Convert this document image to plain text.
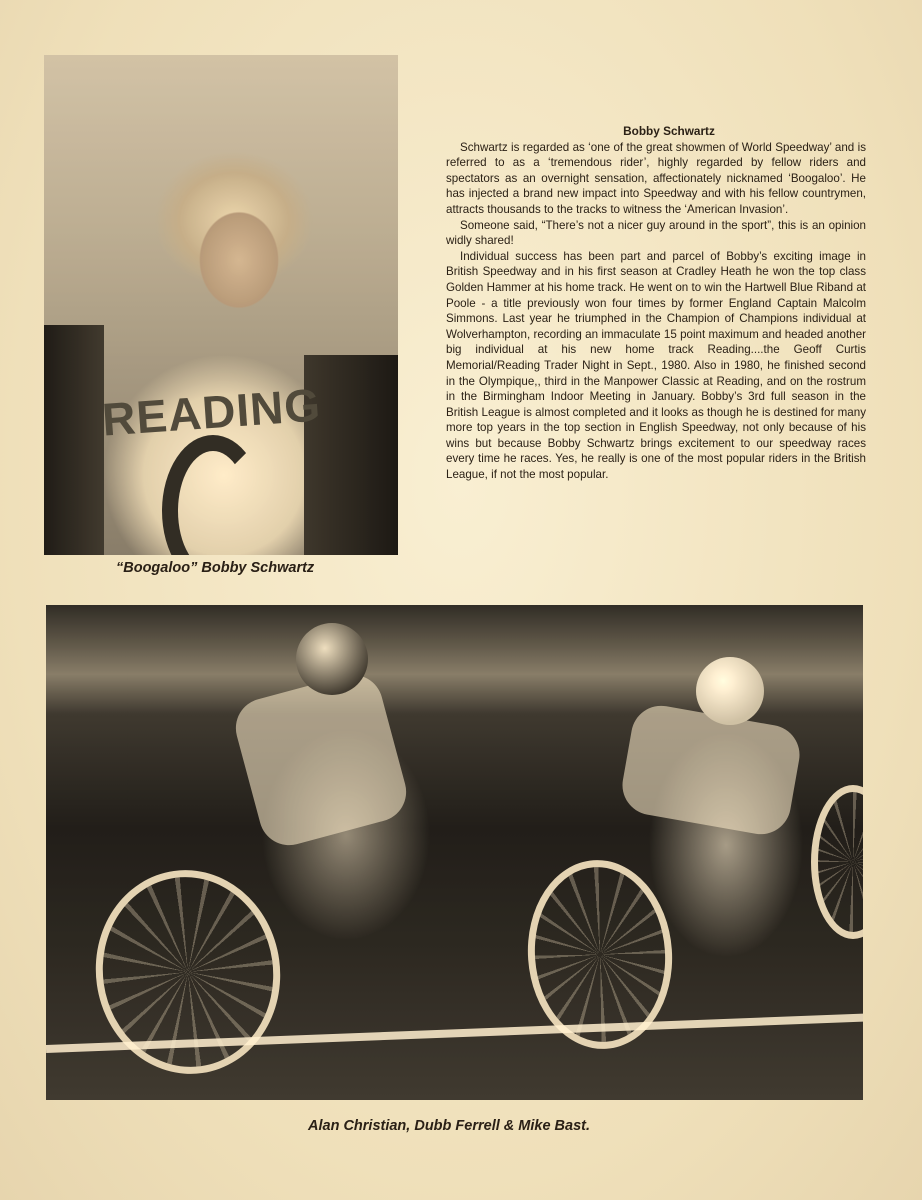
READING
“Boogaloo” Bobby Schwartz
Bobby Schwartz

Schwartz is regarded as ‘one of the great showmen of World Speedway’ and is referred to as a ‘tremendous rider’, highly regarded by fellow riders and spectators as an overnight sensation, affectionately nicknamed ‘Boogaloo’. He has injected a brand new impact into Speedway and with his fellow countrymen, attracts thousands to the tracks to witness the ‘American Invasion’.

Someone said, “There’s not a nicer guy around in the sport”, this is an opinion widly shared!

Individual success has been part and parcel of Bobby’s exciting image in British Speedway and in his first season at Cradley Heath he won the top class Golden Hammer at his home track. He went on to win the Hartwell Blue Riband at Poole - a title previously won four times by former England Captain Malcolm Simmons. Last year he triumphed in the Champion of Champions individual at Wolverhampton, recording an immaculate 15 point maximum and headed another big individual at his new home track Reading....the Geoff Curtis Memorial/Reading Trader Night in Sept., 1980. Also in 1980, he finished second in the Olympique,, third in the Manpower Classic at Reading, and on the rostrum in the Birmingham Indoor Meeting in January. Bobby’s 3rd full season in the British League is almost completed and it looks as though he is destined for many more top years in the top section in English Speedway, not only because of his wins but because Bobby Schwartz brings excitement to our speedway races every time he races. Yes, he really is one of the most popular riders in the British League, if not the most popular.

Alan Christian, Dubb Ferrell & Mike Bast.
